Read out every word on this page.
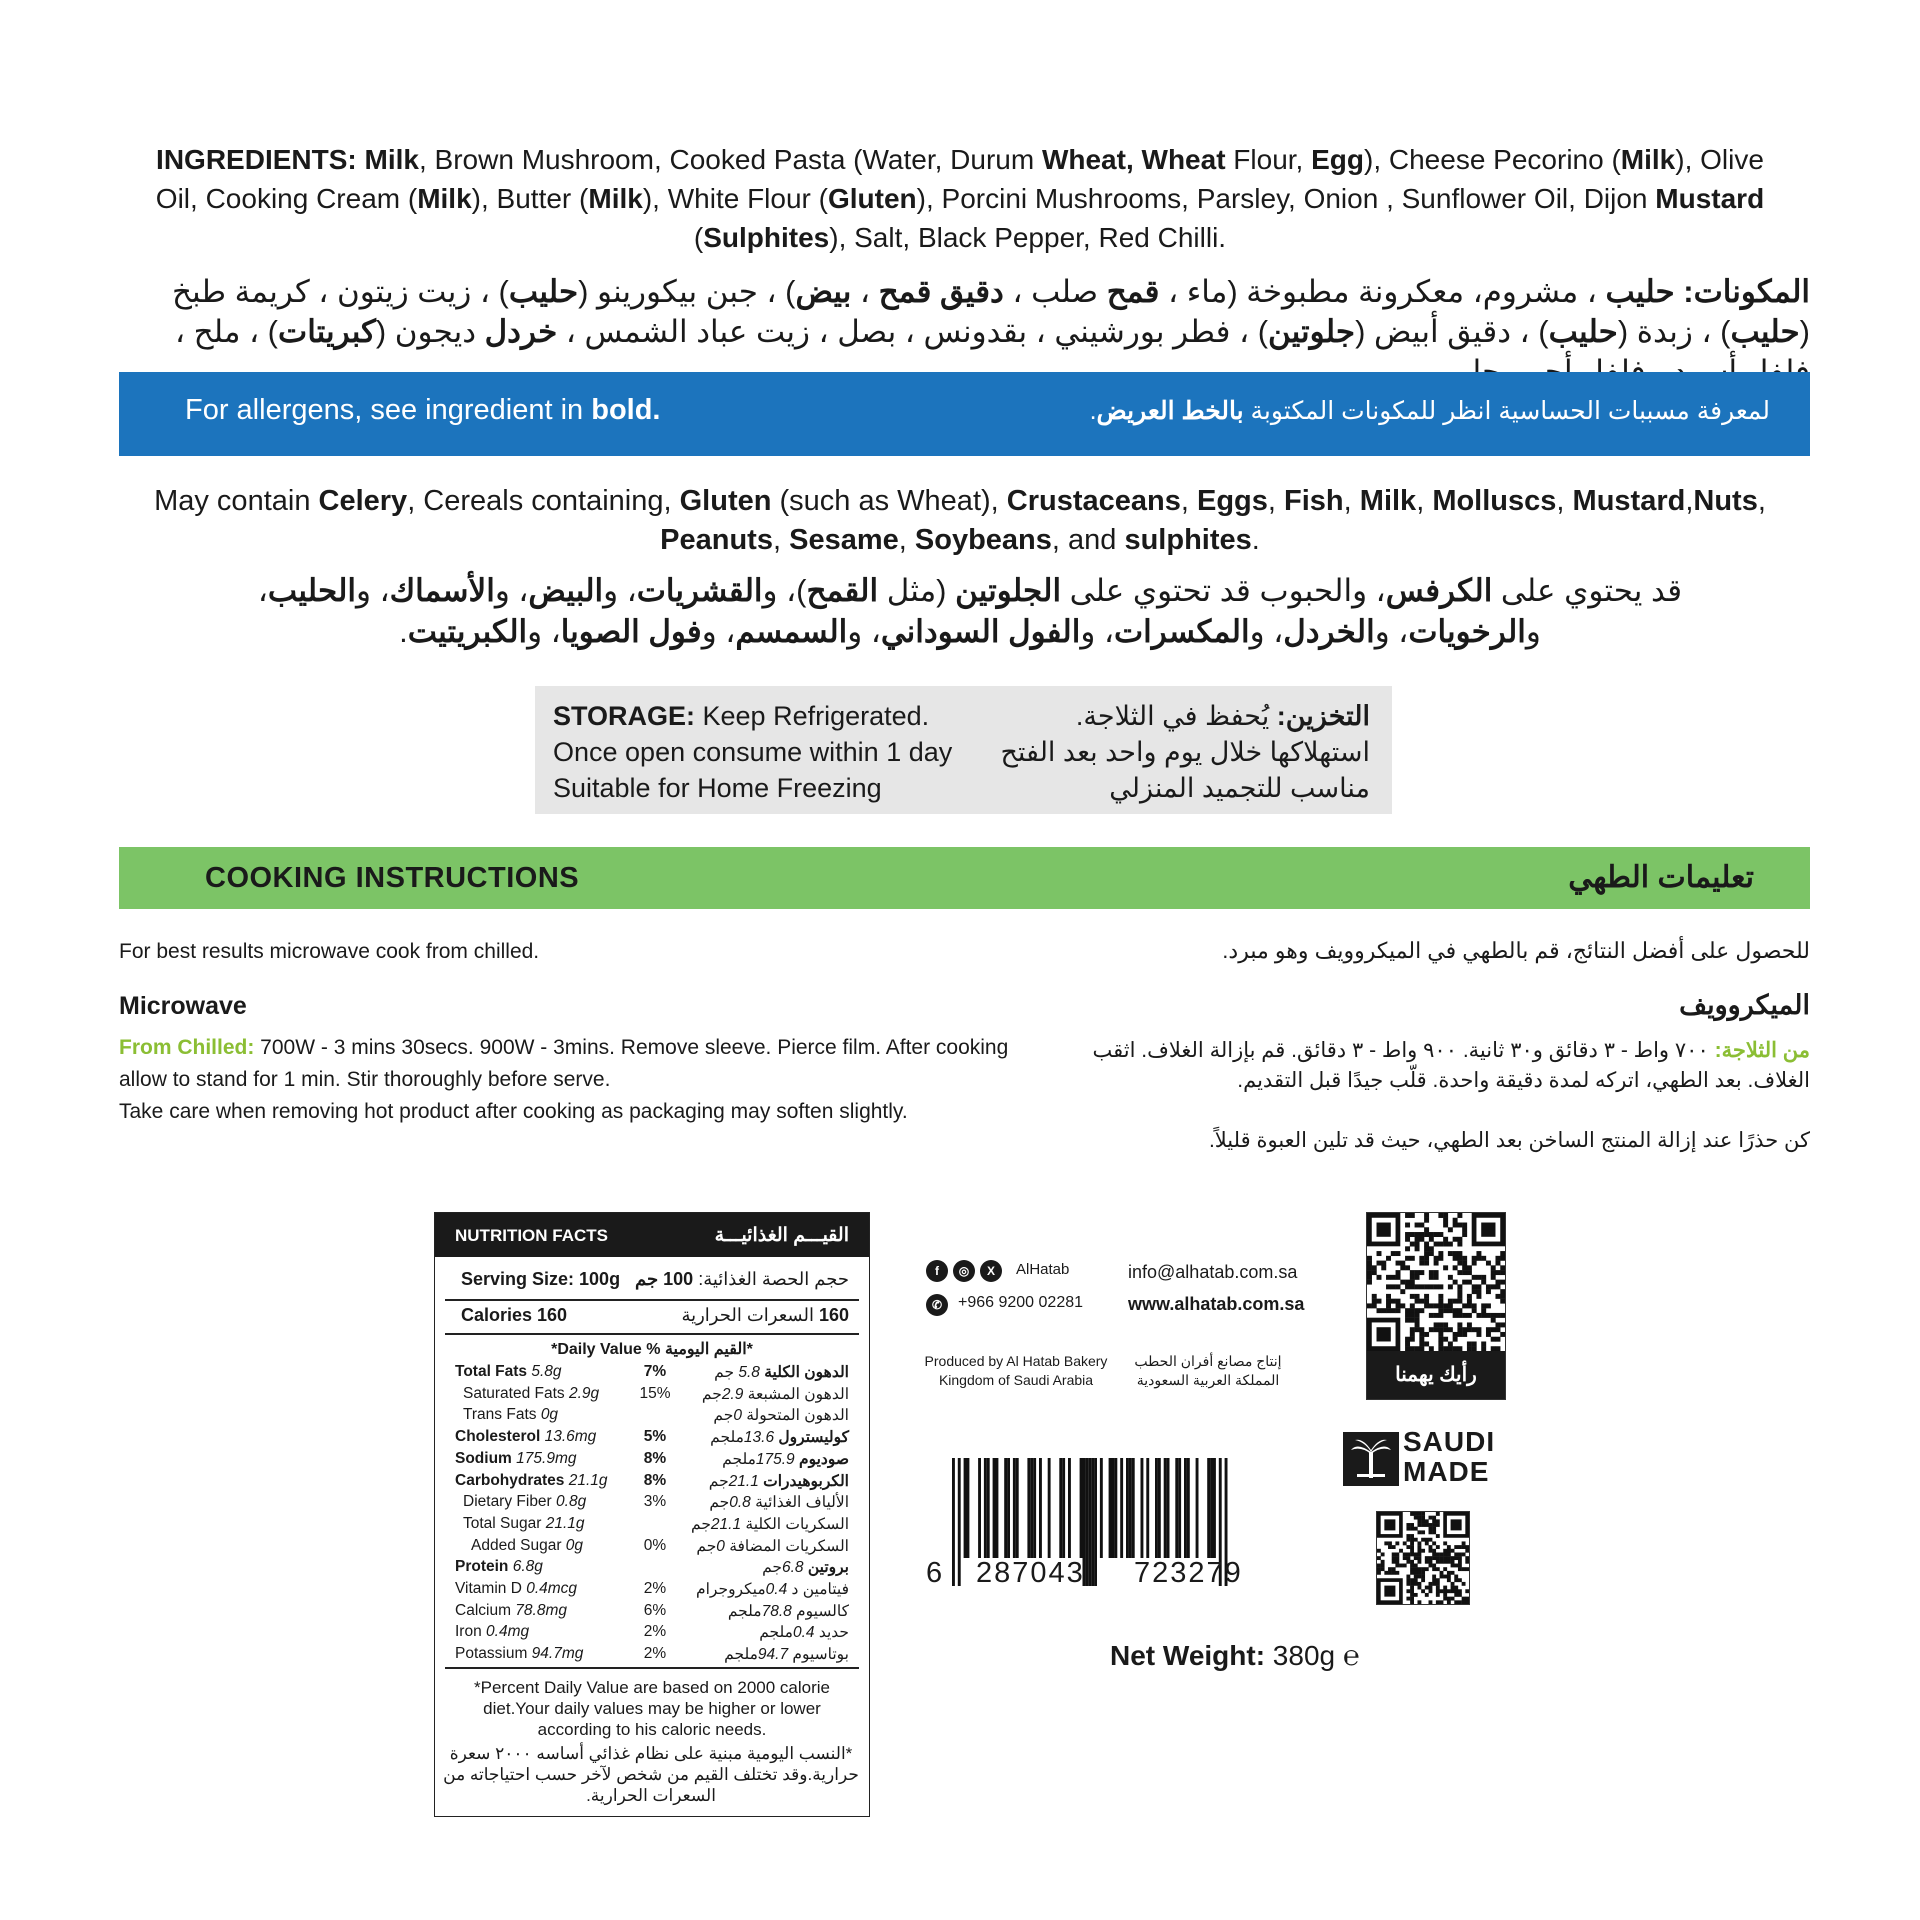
INGREDIENTS: Milk, Brown Mushroom, Cooked Pasta (Water, Durum Wheat, Wheat Flour, Egg), Cheese Pecorino (Milk), Olive Oil, Cooking Cream (Milk), Butter (Milk), White Flour (Gluten), Porcini Mushrooms, Parsley, Onion , Sunflower Oil, Dijon Mustard (Sulphites), Salt, Black Pepper, Red Chilli.
المكونات: حليب ، مشروم، معكرونة مطبوخة (ماء ، قمح صلب ، دقيق قمح ، بيض) ، جبن بيكورينو (حليب) ، زيت زيتون ، كريمة طبخ (حليب) ، زبدة (حليب) ، دقيق أبيض (جلوتين) ، فطر بورشيني ، بقدونس ، بصل ، زيت عباد الشمس ، خردل ديجون (كبريتات) ، ملح ،
For allergens, see ingredient in bold.	لمعرفة مسببات الحساسية انظر للمكونات المكتوبة بالخط العريض.
May contain Celery, Cereals containing, Gluten (such as Wheat), Crustaceans, Eggs, Fish, Milk, Molluscs, Mustard,Nuts, Peanuts, Sesame, Soybeans, and sulphites.
قد يحتوي على الكرفس، والحبوب قد تحتوي على الجلوتين (مثل القمح)، والقشريات، والبيض، والأسماك، والحليب، والرخويات، والخردل، والمكسرات، والفول السوداني، والسمسم، وفول الصويا، والكبريتيت.
STORAGE: Keep Refrigerated.
Once open consume within 1 day
Suitable for Home Freezing
التخزين: يُحفظ في الثلاجة.
استهلاكها خلال يوم واحد بعد الفتح
مناسب للتجميد المنزلي
COOKING INSTRUCTIONS	تعليمات الطهي
For best results microwave cook from chilled.	للحصول على أفضل النتائج، قم بالطهي في الميكروويف وهو مبرد.
Microwave	الميكروويف
From Chilled: 700W - 3 mins 30secs. 900W - 3mins. Remove sleeve. Pierce film. After cooking allow to stand for 1 min. Stir thoroughly before serve.
Take care when removing hot product after cooking as packaging may soften slightly.
من الثلاجة: ٧٠٠ واط - ٣ دقائق و٣٠ ثانية. ٩٠٠ واط - ٣ دقائق. قم بإزالة الغلاف. اثقب الغلاف. بعد الطهي، اتركه لمدة دقيقة واحدة. قلّب جيدًا قبل التقديم.

كن حذرًا عند إزالة المنتج الساخن بعد الطهي، حيث قد تلين العبوة قليلاً.
NUTRITION FACTS	القيـــم الغذائيـــة
Serving Size: 100g	حجم الحصة الغذائية: 100 جم
Calories 160	160 السعرات الحرارية
*Daily Value % القيم اليومية*
Total Fats 5.8g	7%	الدهون الكلية 5.8 جم
Saturated Fats 2.9g	15%	الدهون المشبعة 2.9جم
Trans Fats 0g	الدهون المتحولة 0جم
Cholesterol 13.6mg	5%	كوليسترول 13.6ملجم
Sodium 175.9mg	8%	صوديوم 175.9ملجم
Carbohydrates 21.1g	8%	الكربوهيدرات 21.1جم
Dietary Fiber 0.8g	3%	الألياف الغذائية 0.8جم
Total Sugar 21.1g	السكريات الكلية 21.1جم
Added Sugar 0g	0%	السكريات المضافة 0جم
Protein 6.8g	بروتين 6.8جم
Vitamin D 0.4mcg	2%	فيتامين د 0.4ميكروجرام
Calcium 78.8mg	6%	كالسيوم 78.8ملجم
Iron 0.4mg	2%	حديد 0.4ملجم
Potassium 94.7mg	2%	بوتاسيوم 94.7ملجم
*Percent Daily Value are based on 2000 calorie diet.Your daily values may be higher or lower according to his caloric needs.
*النسب اليومية مبنية على نظام غذائي أساسه ٢٠٠٠ سعرة حرارية.وقد تختلف القيم من شخص لآخر حسب احتياجاته من السعرات الحرارية.
f	◎	X	AlHatab
✆ +966 9200 02281
info@alhatab.com.sa
www.alhatab.com.sa
Produced by Al Hatab Bakery
Kingdom of Saudi Arabia
إنتاج مصانع أفران الحطب
المملكة العربية السعودية	رأيك يهمنا
SAUDI
MADE
6 287043 723279
Net Weight: 380g ℮
